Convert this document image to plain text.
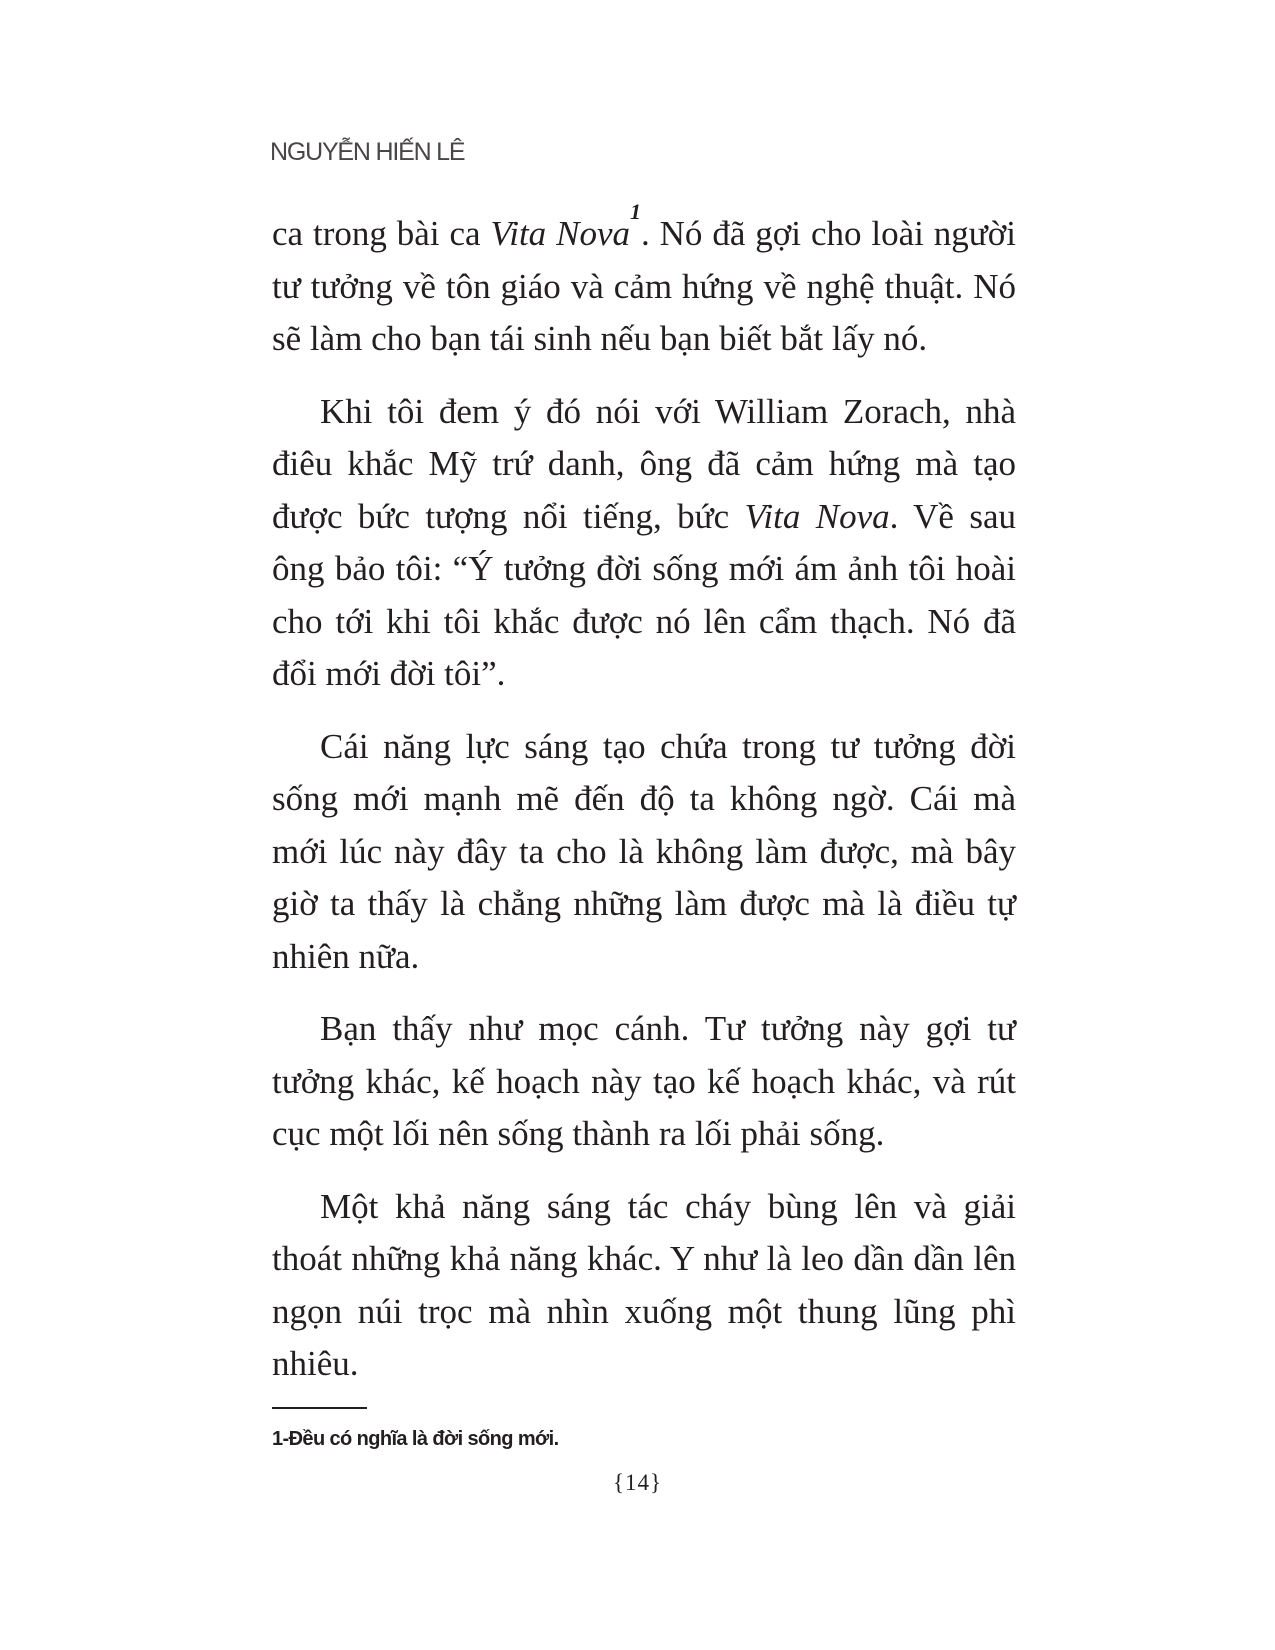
NGUYỄN HIẾN LÊ

ca trong bài ca Vita Nova$^1$. Nó đã gợi cho loài người tư tưởng về tôn giáo và cảm hứng về nghệ thuật. Nó sẽ làm cho bạn tái sinh nếu bạn biết bắt lấy nó.

Khi tôi đem ý đó nói với William Zorach, nhà điêu khắc Mỹ trứ danh, ông đã cảm hứng mà tạo được bức tượng nổi tiếng, bức Vita Nova. Về sau ông bảo tôi: “Ý tưởng đời sống mới ám ảnh tôi hoài cho tới khi tôi khắc được nó lên cẩm thạch. Nó đã đổi mới đời tôi”.

Cái năng lực sáng tạo chứa trong tư tưởng đời sống mới mạnh mẽ đến độ ta không ngờ. Cái mà mới lúc này đây ta cho là không làm được, mà bây giờ ta thấy là chẳng những làm được mà là điều tự nhiên nữa.

Bạn thấy như mọc cánh. Tư tưởng này gợi tư tưởng khác, kế hoạch này tạo kế hoạch khác, và rút cục một lối nên sống thành ra lối phải sống.

Một khả năng sáng tác cháy bùng lên và giải thoát những khả năng khác. Y như là leo dần dần lên ngọn núi trọc mà nhìn xuống một thung lũng phì nhiêu.

1-Đều có nghĩa là đời sống mới.
{14}
